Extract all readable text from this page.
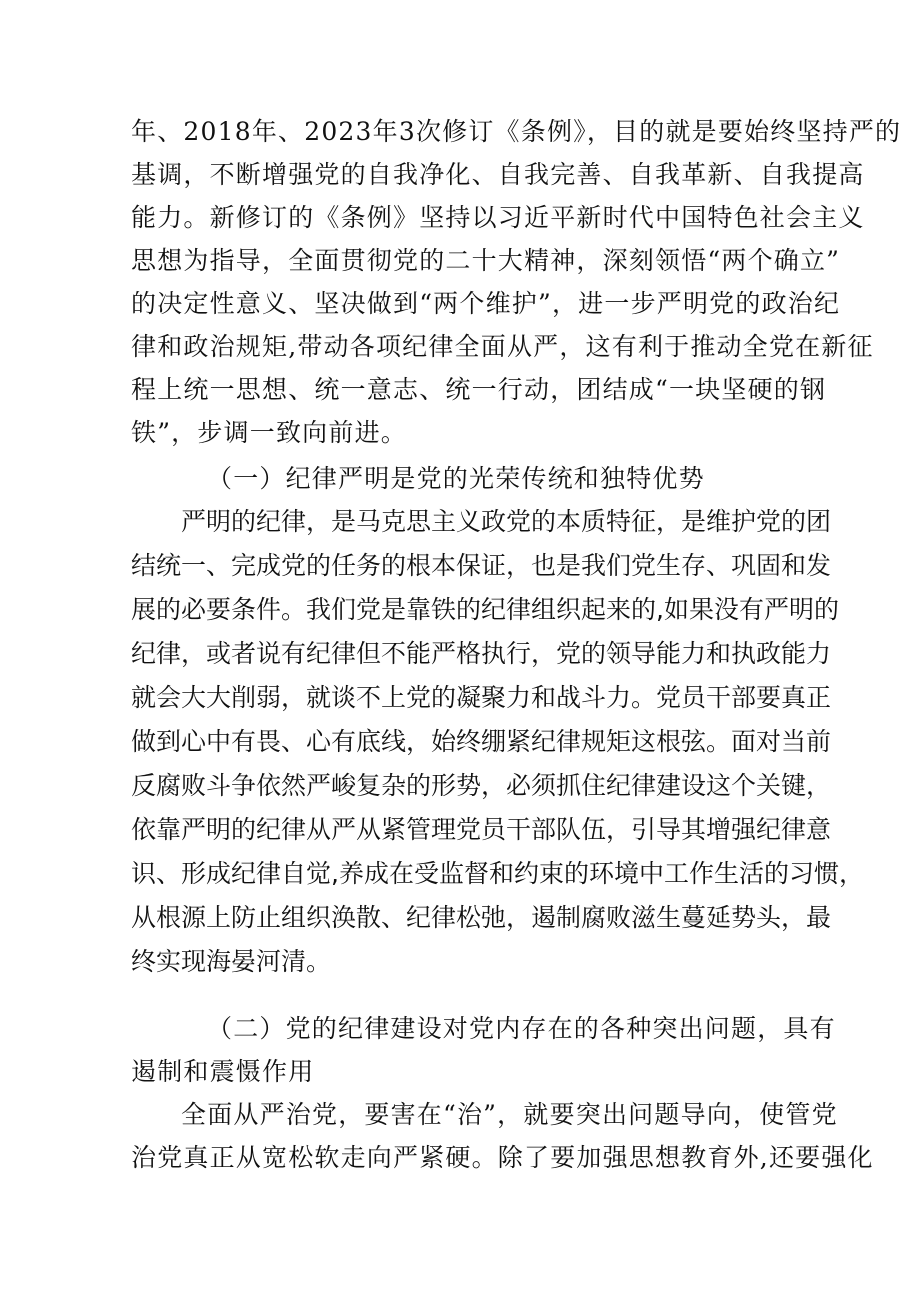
年、2018年、2023年3次修订《条例》，目的就是要始终坚持严的
基调，不断增强党的自我净化、自我完善、自我革新、自我提高
能力。新修订的《条例》坚持以习近平新时代中国特色社会主义
思想为指导，全面贯彻党的二十大精神，深刻领悟“两个确立”
的决定性意义、坚决做到“两个维护”，进一步严明党的政治纪
律和政治规矩,带动各项纪律全面从严，这有利于推动全党在新征
程上统一思想、统一意志、统一行动，团结成“一块坚硬的钢
铁”，步调一致向前进。
（一）纪律严明是党的光荣传统和独特优势
严明的纪律，是马克思主义政党的本质特征，是维护党的团
结统一、完成党的任务的根本保证，也是我们党生存、巩固和发
展的必要条件。我们党是靠铁的纪律组织起来的,如果没有严明的
纪律，或者说有纪律但不能严格执行，党的领导能力和执政能力
就会大大削弱，就谈不上党的凝聚力和战斗力。党员干部要真正
做到心中有畏、心有底线，始终绷紧纪律规矩这根弦。面对当前
反腐败斗争依然严峻复杂的形势，必须抓住纪律建设这个关键，
依靠严明的纪律从严从紧管理党员干部队伍，引导其增强纪律意
识、形成纪律自觉,养成在受监督和约束的环境中工作生活的习惯，
从根源上防止组织涣散、纪律松弛，遏制腐败滋生蔓延势头，最
终实现海晏河清。
（二）党的纪律建设对党内存在的各种突出问题，具有
遏制和震慑作用
全面从严治党，要害在“治”，就要突出问题导向，使管党
治党真正从宽松软走向严紧硬。除了要加强思想教育外,还要强化
